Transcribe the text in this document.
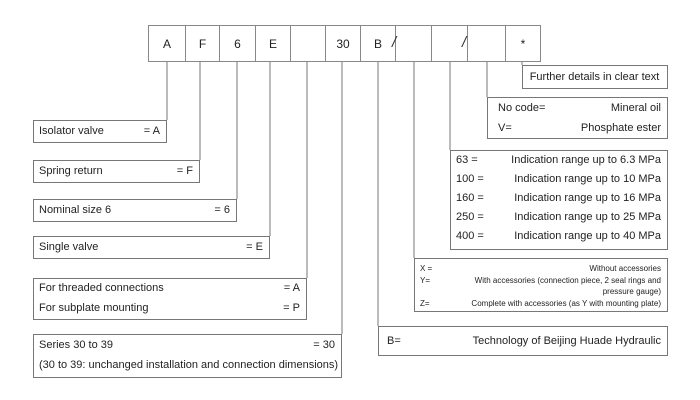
A	F	6	E	30	B	*
/	/
Isolator valve	= A
Spring return	= F
Nominal size 6	= 6
Single valve	= E
For threaded connections	= A
For subplate mounting	= P
Series 30 to 39	= 30
(30 to 39: unchanged installation and connection dimensions)
Further details in clear text
No code=	Mineral oil
V=	Phosphate ester
63 =	Indication range up to 6.3 MPa
100 =	Indication range up to 10 MPa
160 =	Indication range up to 16 MPa
250 =	Indication range up to 25 MPa
400 =	Indication range up to 40 MPa
X =	Without accessories
Y=	With accessories (connection piece, 2 seal rings and
pressure gauge)
Z=	Complete with accessories (as Y with mounting plate)
B=	Technology of Beijing Huade Hydraulic
